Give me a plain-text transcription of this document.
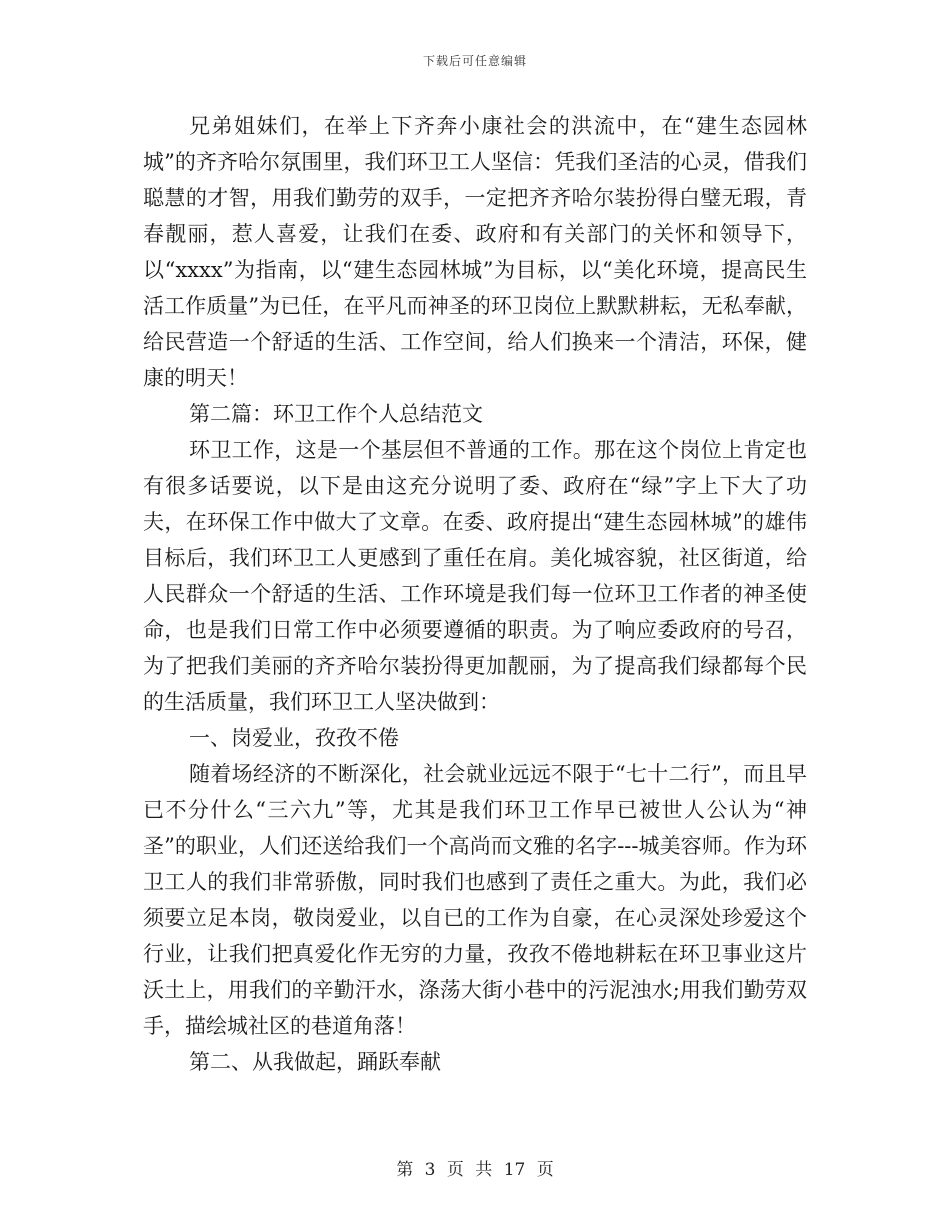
下载后可任意编辑

兄弟姐妹们，在举上下齐奔小康社会的洪流中，在“建生态园林城”的齐齐哈尔氛围里，我们环卫工人坚信：凭我们圣洁的心灵，借我们聪慧的才智，用我们勤劳的双手，一定把齐齐哈尔装扮得白璧无瑕，青春靓丽，惹人喜爱，让我们在委、政府和有关部门的关怀和领导下，以“xxxx”为指南，以“建生态园林城”为目标，以“美化环境，提高民生活工作质量”为已任，在平凡而神圣的环卫岗位上默默耕耘，无私奉献，给民营造一个舒适的生活、工作空间，给人们换来一个清洁，环保，健康的明天！

第二篇：环卫工作个人总结范文

环卫工作，这是一个基层但不普通的工作。那在这个岗位上肯定也有很多话要说，以下是由这充分说明了委、政府在“绿”字上下大了功夫，在环保工作中做大了文章。在委、政府提出“建生态园林城”的雄伟目标后，我们环卫工人更感到了重任在肩。美化城容貌，社区街道，给人民群众一个舒适的生活、工作环境是我们每一位环卫工作者的神圣使命，也是我们日常工作中必须要遵循的职责。为了响应委政府的号召，为了把我们美丽的齐齐哈尔装扮得更加靓丽，为了提高我们绿都每个民的生活质量，我们环卫工人坚决做到：

一、岗爱业，孜孜不倦

随着场经济的不断深化，社会就业远远不限于“七十二行”，而且早已不分什么“三六九”等，尤其是我们环卫工作早已被世人公认为“神圣”的职业，人们还送给我们一个高尚而文雅的名字---城美容师。作为环卫工人的我们非常骄傲，同时我们也感到了责任之重大。为此，我们必须要立足本岗，敬岗爱业，以自已的工作为自豪，在心灵深处珍爱这个行业，让我们把真爱化作无穷的力量，孜孜不倦地耕耘在环卫事业这片沃土上，用我们的辛勤汗水，涤荡大街小巷中的污泥浊水;用我们勤劳双手，描绘城社区的巷道角落！

第二、从我做起，踊跃奉献

第 3 页 共 17 页
